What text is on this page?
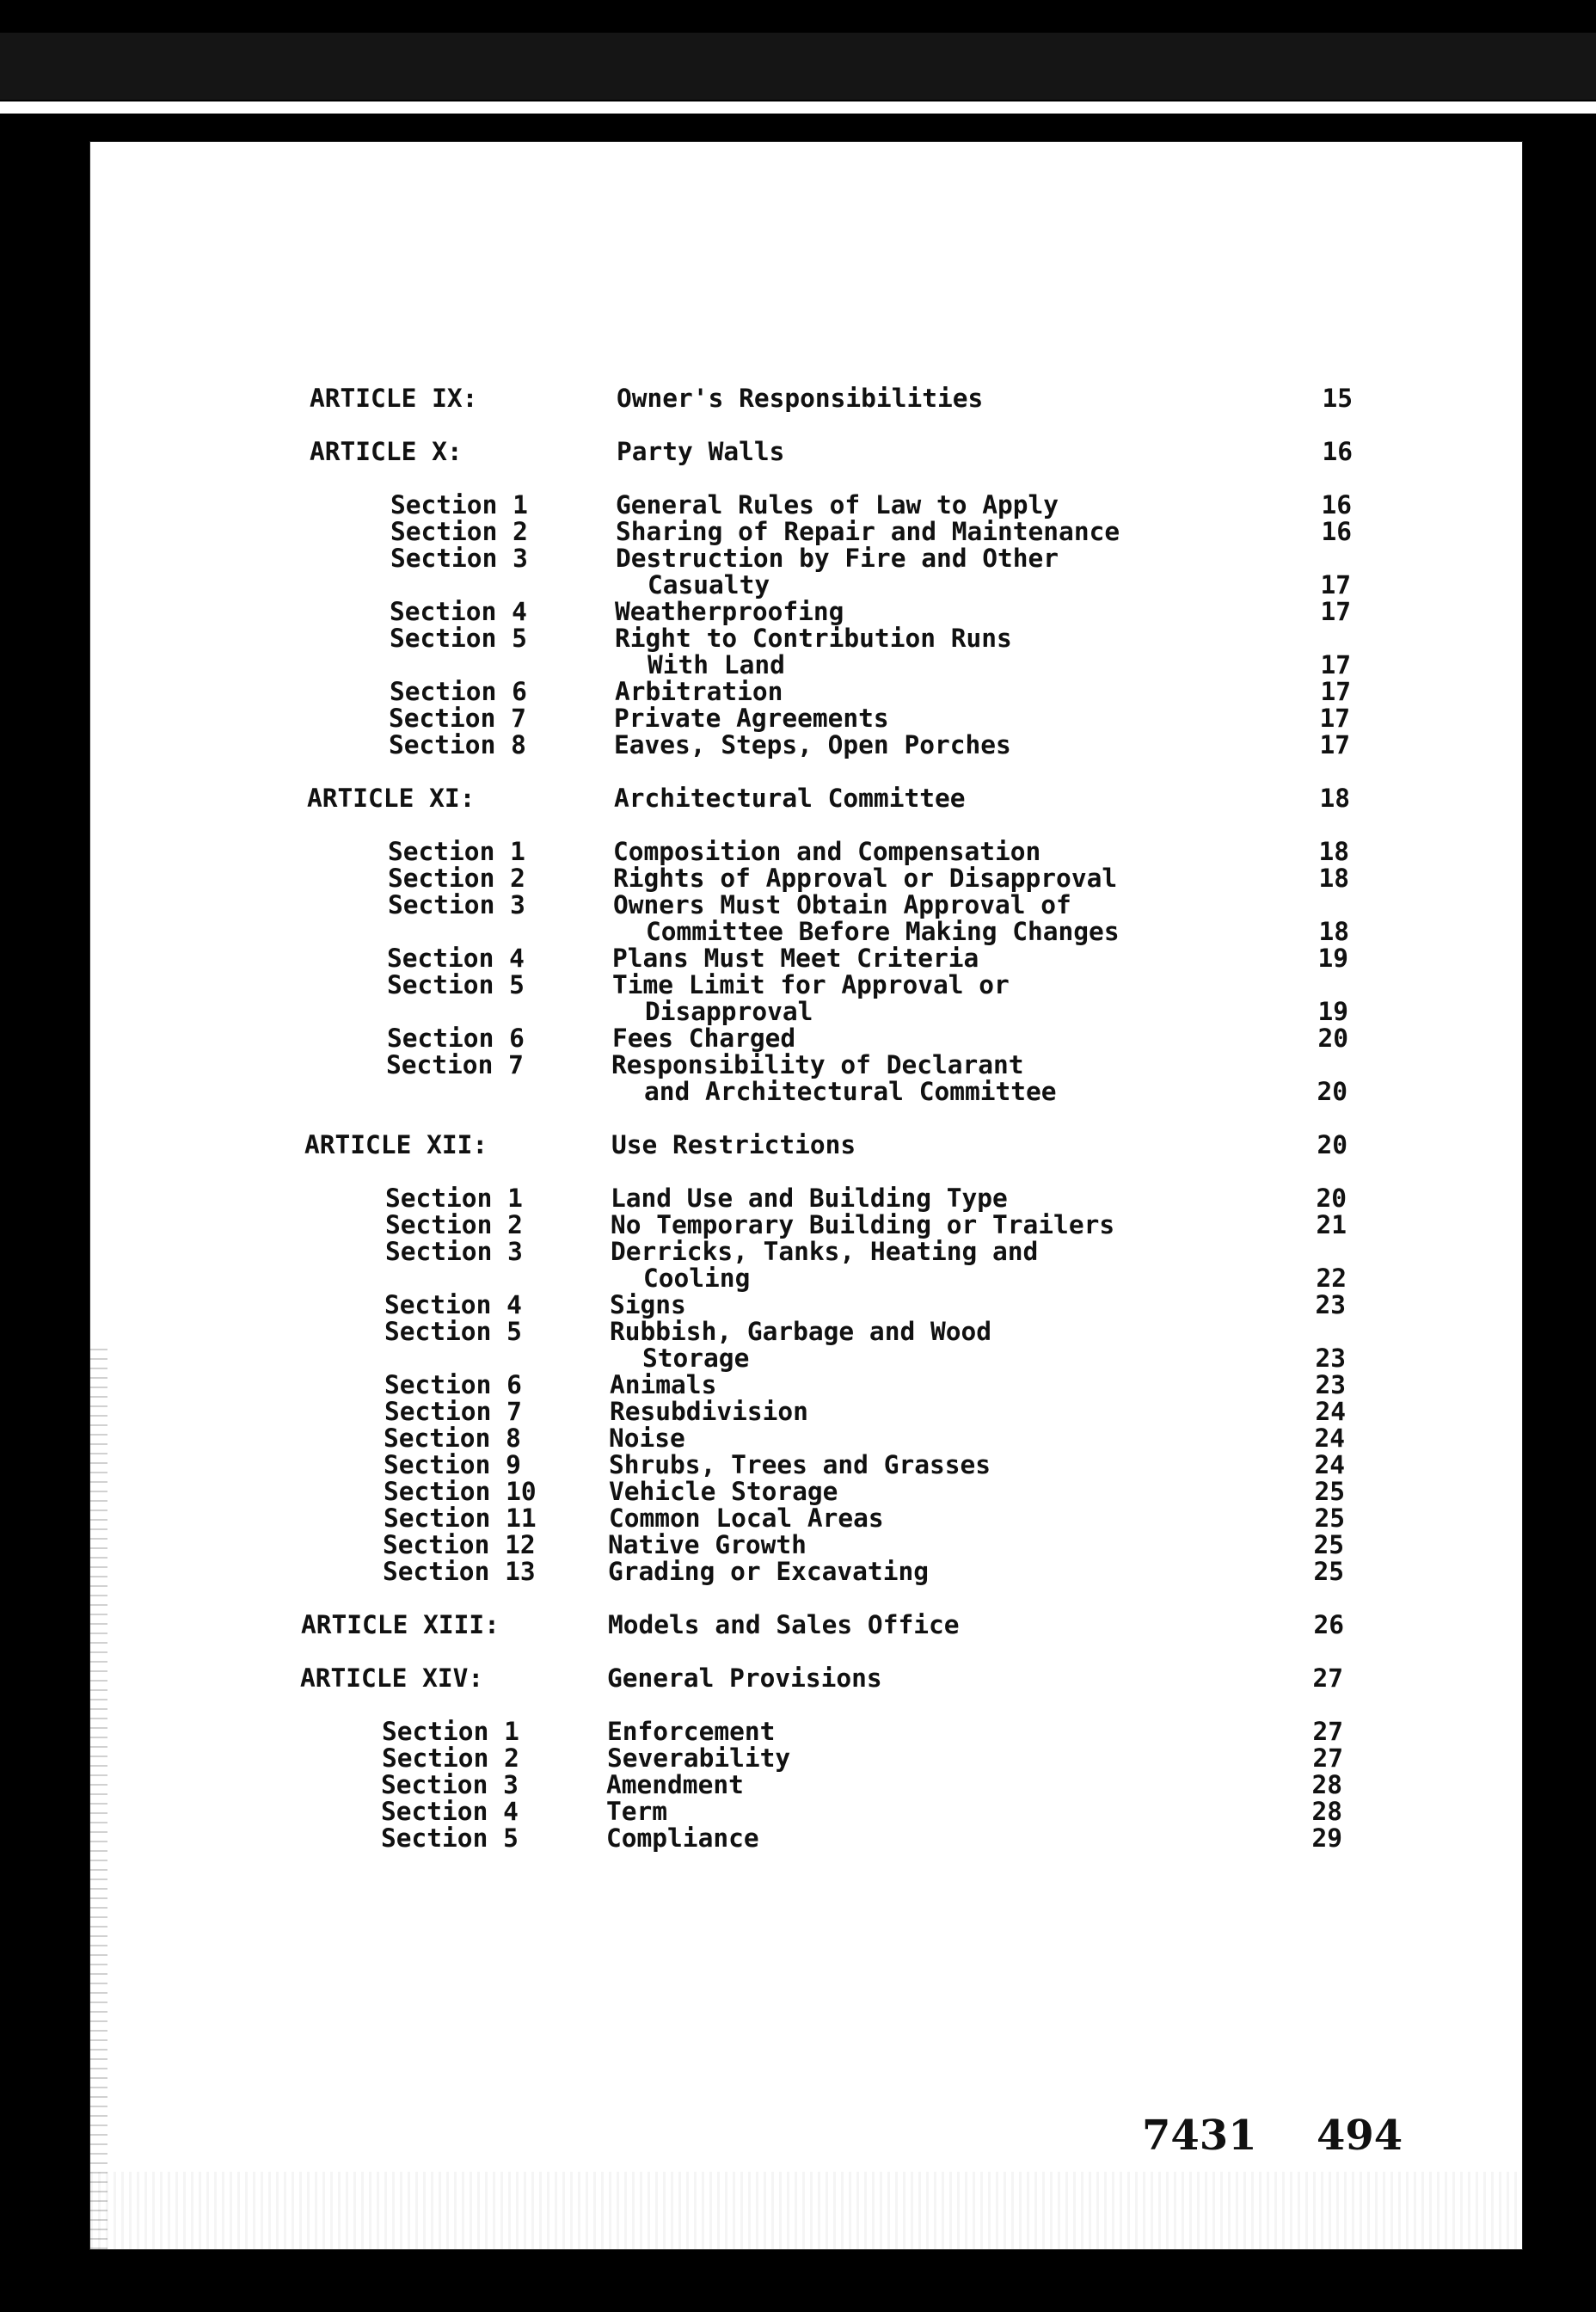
ARTICLE IX:	Owner's Responsibilities	15
ARTICLE X:	Party Walls	16
Section 1	General Rules of Law to Apply	16
Section 2	Sharing of Repair and Maintenance	16
Section 3	Destruction by Fire and Other
Casualty	17
Section 4	Weatherproofing	17
Section 5	Right to Contribution Runs
With Land	17
Section 6	Arbitration	17
Section 7	Private Agreements	17
Section 8	Eaves, Steps, Open Porches	17
ARTICLE XI:	Architectural Committee	18
Section 1	Composition and Compensation	18
Section 2	Rights of Approval or Disapproval	18
Section 3	Owners Must Obtain Approval of
Committee Before Making Changes	18
Section 4	Plans Must Meet Criteria	19
Section 5	Time Limit for Approval or
Disapproval	19
Section 6	Fees Charged	20
Section 7	Responsibility of Declarant
and Architectural Committee	20
ARTICLE XII:	Use Restrictions	20
Section 1	Land Use and Building Type	20
Section 2	No Temporary Building or Trailers	21
Section 3	Derricks, Tanks, Heating and
Cooling	22
Section 4	Signs	23
Section 5	Rubbish, Garbage and Wood
Storage	23
Section 6	Animals	23
Section 7	Resubdivision	24
Section 8	Noise	24
Section 9	Shrubs, Trees and Grasses	24
Section 10	Vehicle Storage	25
Section 11	Common Local Areas	25
Section 12	Native Growth	25
Section 13	Grading or Excavating	25
ARTICLE XIII:	Models and Sales Office	26
ARTICLE XIV:	General Provisions	27
Section 1	Enforcement	27
Section 2	Severability	27
Section 3	Amendment	28
Section 4	Term	28
Section 5	Compliance	29
7431 494
